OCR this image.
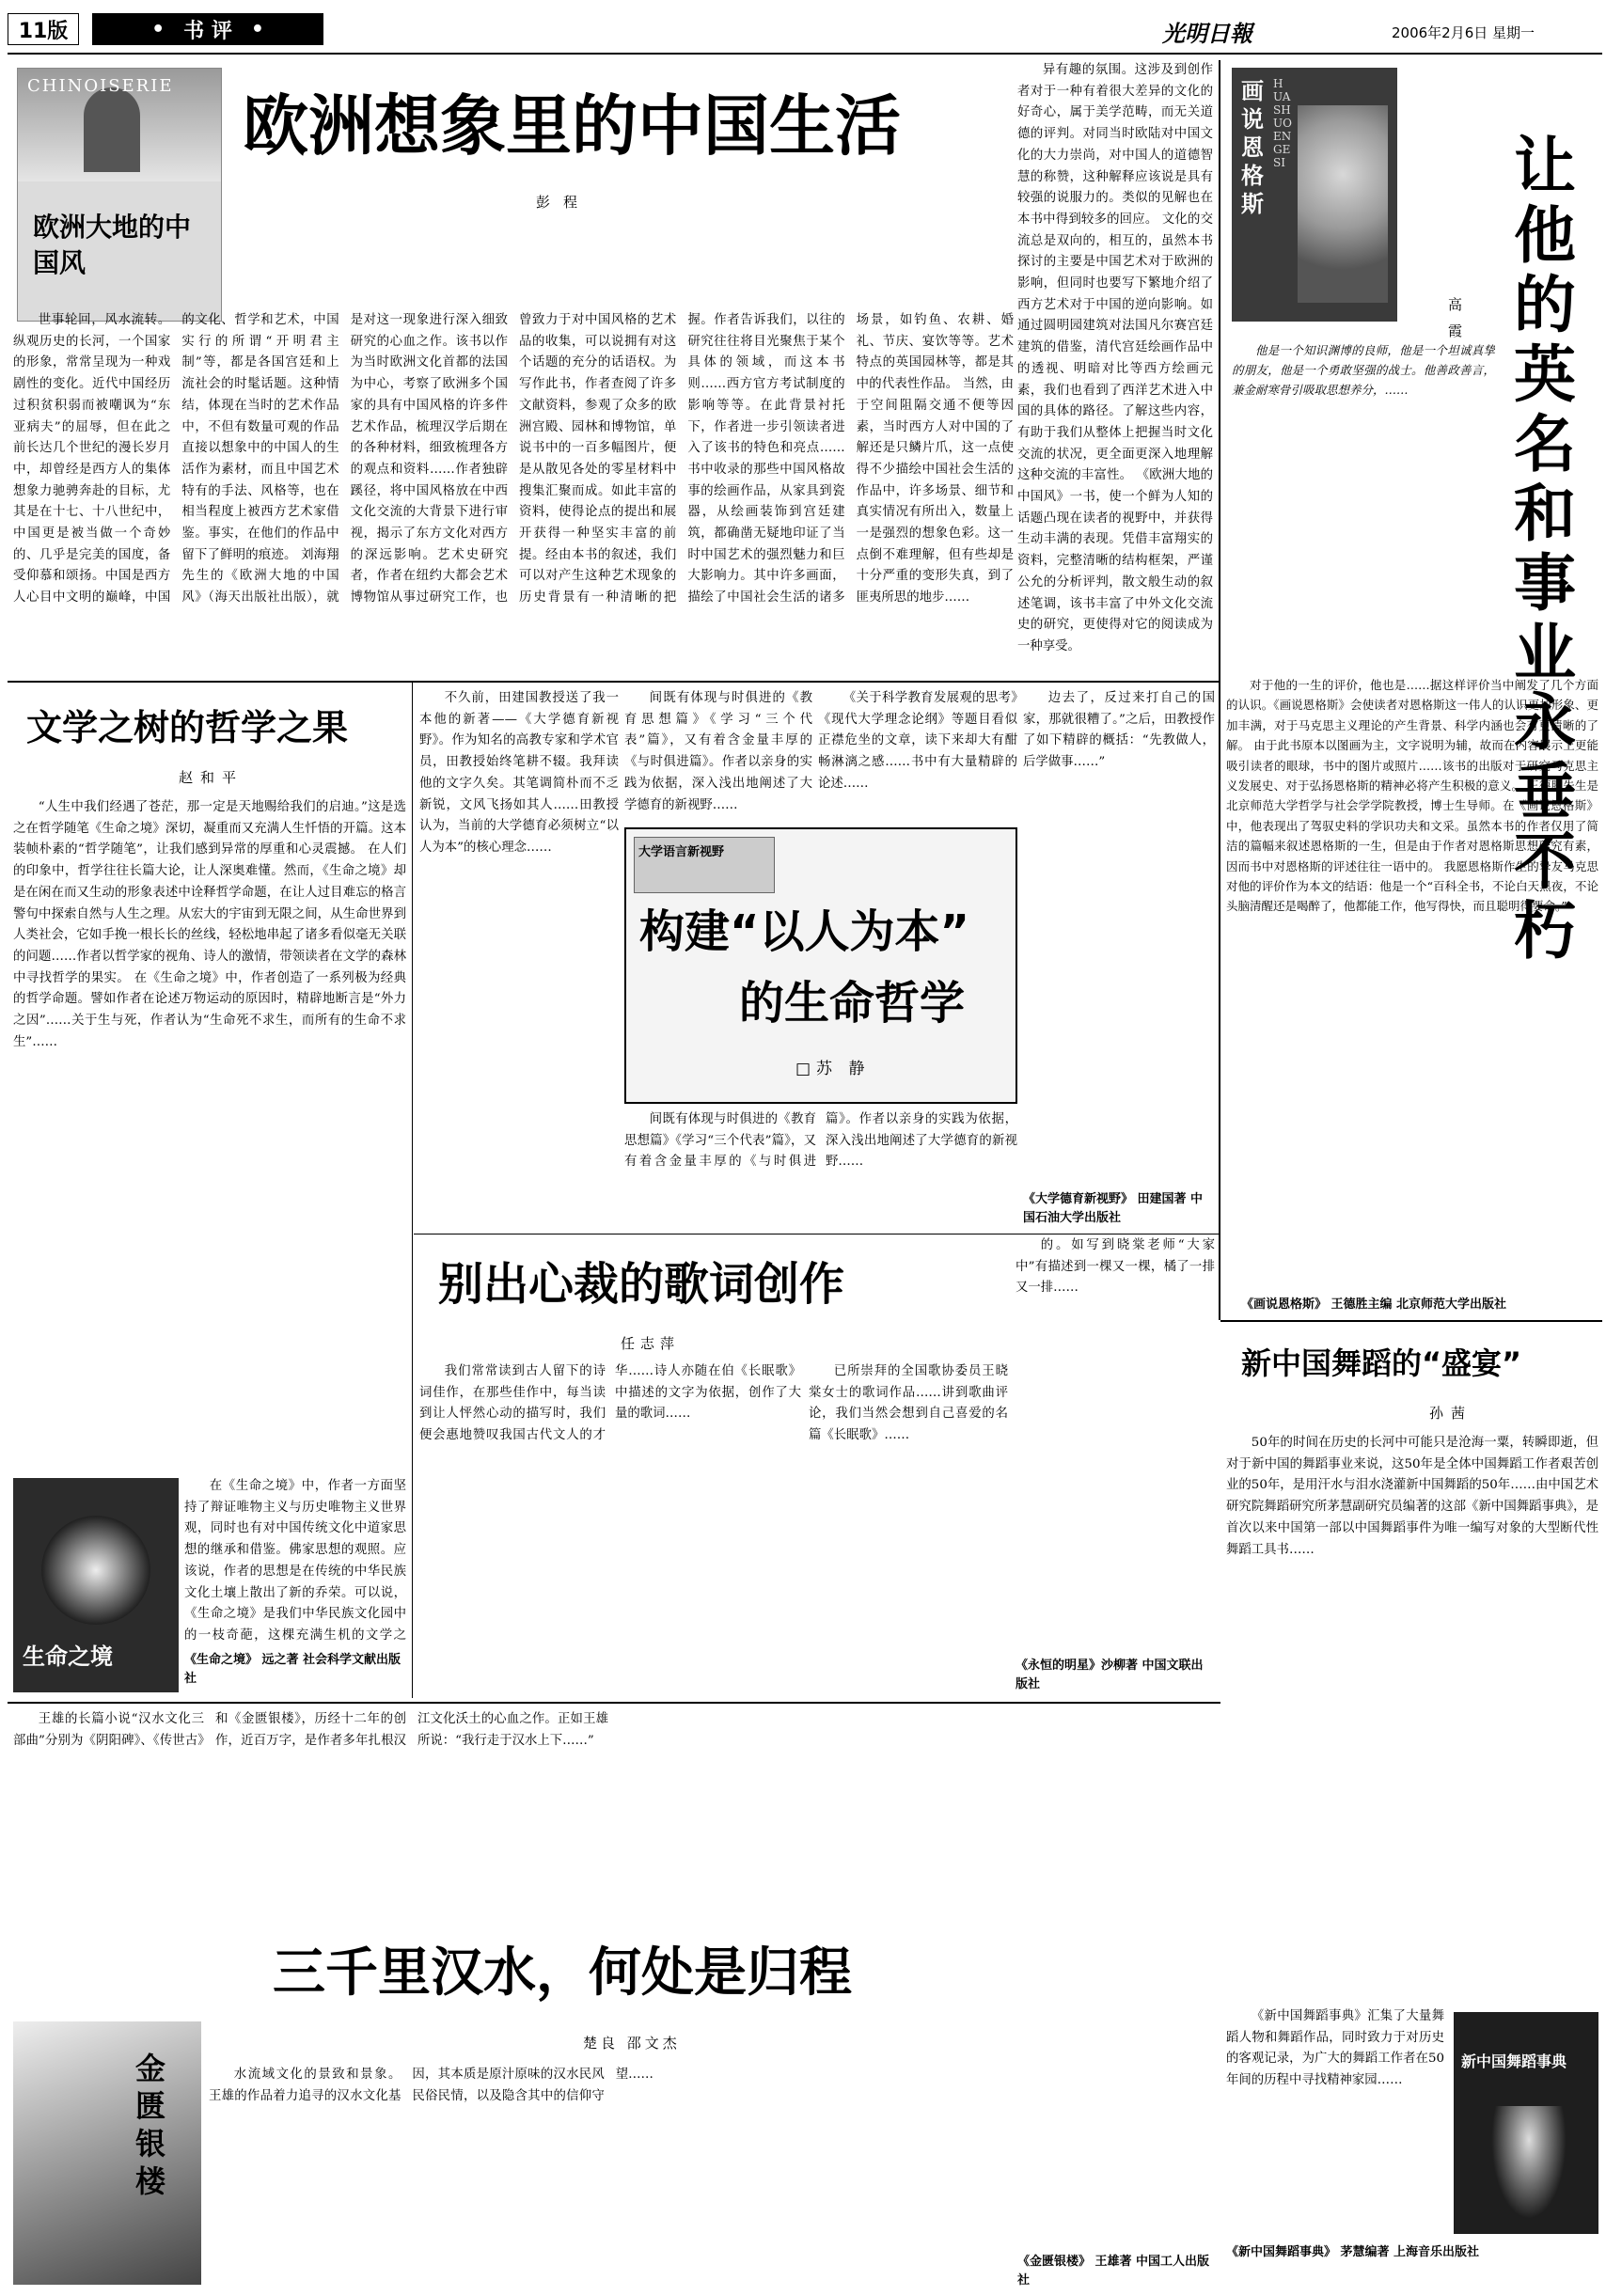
11版	• 书 评 •	光明日報	2006年2月6日 星期一
CHINOISERIE
欧洲大地的中国风
欧洲想象里的中国生活
彭程

世事轮回，风水流转。纵观历史的长河，一个国家的形象，常常呈现为一种戏剧性的变化。近代中国经历过积贫积弱而被嘲讽为“东亚病夫”的屈辱，但在此之前长达几个世纪的漫长岁月中，却曾经是西方人的集体想象力驰骋奔赴的目标，尤其是在十七、十八世纪中，中国更是被当做一个奇妙的、几乎是完美的国度，备受仰慕和颂扬。中国是西方人心目中文明的巅峰，中国的文化、哲学和艺术，中国实行的所谓“开明君主制”等，都是各国宫廷和上流社会的时髦话题。这种情结，体现在当时的艺术作品中，不但有数量可观的作品直接以想象中的中国人的生活作为素材，而且中国艺术特有的手法、风格等，也在相当程度上被西方艺术家借鉴。事实，在他们的作品中留下了鲜明的痕迹。 刘海翔先生的《欧洲大地的中国风》（海天出版社出版），就是对这一现象进行深入细致研究的心血之作。该书以作为当时欧洲文化首都的法国为中心，考察了欧洲多个国家的具有中国风格的许多件艺术作品，梳理汉学后期在的各种材料，细致梳理各方的观点和资料……作者独辟蹊径，将中国风格放在中西文化交流的大背景下进行审视，揭示了东方文化对西方的深远影响。艺术史研究者，作者在纽约大都会艺术博物馆从事过研究工作，也曾致力于对中国风格的艺术品的收集，可以说拥有对这个话题的充分的话语权。为写作此书，作者查阅了许多文献资料，参观了众多的欧洲宫殿、园林和博物馆，单说书中的一百多幅图片，便是从散见各处的零星材料中搜集汇聚而成。如此丰富的资料，使得论点的提出和展开获得一种坚实丰富的前提。经由本书的叙述，我们可以对产生这种艺术现象的历史背景有一种清晰的把握。作者告诉我们，以往的研究往往将目光聚焦于某个具体的领域，而这本书则……西方官方考试制度的影响等等。在此背景衬托下，作者进一步引领读者进入了该书的特色和亮点……书中收录的那些中国风格故事的绘画作品，从家具到瓷器，从绘画装饰到宫廷建筑，都确凿无疑地印证了当时中国艺术的强烈魅力和巨大影响力。其中许多画面，描绘了中国社会生活的诸多场景，如钓鱼、农耕、婚礼、节庆、宴饮等等。艺术特点的英国园林等，都是其中的代表性作品。 当然，由于空间阻隔交通不便等因素，当时西方人对中国的了解还是只鳞片爪，这一点使得不少描绘中国社会生活的作品中，许多场景、细节和真实情况有所出入，数量上一是强烈的想象色彩。这一点倒不难理解，但有些却是十分严重的变形失真，到了匪夷所思的地步……

异有趣的氛围。这涉及到创作者对于一种有着很大差异的文化的好奇心，属于美学范畴，而无关道德的评判。对同当时欧陆对中国文化的大力崇尚，对中国人的道德智慧的称赞，这种解释应该说是具有较强的说服力的。类似的见解也在本书中得到较多的回应。 文化的交流总是双向的，相互的，虽然本书探讨的主要是中国艺术对于欧洲的影响，但同时也要写下繁地介绍了西方艺术对于中国的逆向影响。如通过圆明园建筑对法国凡尔赛宫廷建筑的借鉴，清代宫廷绘画作品中的透视、明暗对比等西方绘画元素，我们也看到了西洋艺术进入中国的具体的路径。了解这些内容，有助于我们从整体上把握当时文化交流的状况，更全面更深入地理解这种交流的丰富性。 《欧洲大地的中国风》一书，使一个鲜为人知的话题凸现在读者的视野中，并获得生动丰满的表现。凭借丰富翔实的资料，完整清晰的结构框架，严谨公允的分析评判，散文般生动的叙述笔调，该书丰富了中外文化交流史的研究，更使得对它的阅读成为一种享受。

画说恩格斯
HUA SHUO EN GE SI	让他的英名和事业永垂不朽
高霞

他是一个知识渊博的良师，他是一个坦诚真挚的朋友，他是一个勇敢坚强的战士。他善政善言，兼金耐寒骨引吸取思想养分，……

对于他的一生的评价，他也是……据这样评价当中阐发了几个方面的认识。《画说恩格斯》会使读者对恩格斯这一伟人的认识更加形象、更加丰满，对于马克思主义理论的产生背景、科学内涵也会有更清晰的了解。 由于此书原本以图画为主，文字说明为辅，故而在内容展示上更能吸引读者的眼球，书中的图片或照片……该书的出版对于研究马克思主义发展史、对于弘扬恩格斯的精神必将产生积极的意义。 王德胜先生是北京师范大学哲学与社会学学院教授，博士生导师。在《画说恩格斯》中，他表现出了驾驭史料的学识功夫和文采。虽然本书的作者仅用了简洁的篇幅来叙述恩格斯的一生，但是由于作者对恩格斯思想研究有素，因而书中对恩格斯的评述往往一语中的。 我愿恩格斯作生的挚友马克思对他的评价作为本文的结语：他是一个“百科全书，不论白天黑夜，不论头脑清醒还是喝醉了，他都能工作，他写得快，而且聪明得要命。”

《画说恩格斯》 王德胜主编 北京师范大学出版社
文学之树的哲学之果
赵和平

“人生中我们经遇了苍茫，那一定是天地赐给我们的启迪。”这是选之在哲学随笔《生命之境》深切，凝重而又充满人生忏悟的开篇。这本装帧朴素的“哲学随笔”，让我们感到异常的厚重和心灵震撼。 在人们的印象中，哲学往往长篇大论，让人深奥难懂。然而，《生命之境》却是在闲在而又生动的形象表述中诠释哲学命题，在让人过目难忘的格言警句中探索自然与人生之理。从宏大的宇宙到无限之间，从生命世界到人类社会，它如手挽一根长长的丝线，轻松地串起了诸多看似毫无关联的问题……作者以哲学家的视角、诗人的激情，带领读者在文学的森林中寻找哲学的果实。 在《生命之境》中，作者创造了一系列极为经典的哲学命题。譬如作者在论述万物运动的原因时，精辟地断言是“外力之因”……关于生与死，作者认为“生命死不求生，而所有的生命不求生”……

生命之境

在《生命之境》中，作者一方面坚持了辩证唯物主义与历史唯物主义世界观，同时也有对中国传统文化中道家思想的继承和借鉴。佛家思想的观照。应该说，作者的思想是在传统的中华民族文化土壤上散出了新的乔荣。可以说，《生命之境》是我们中华民族文化园中的一枝奇葩，这棵充满生机的文学之

《生命之境》 远之著 社会科学文献出版社

不久前，田建国教授送了我一本他的新著——《大学德育新视野》。作为知名的高教专家和学术官员，田教授始终笔耕不辍。我拜读他的文字久矣。其笔调简朴而不乏新锐，文风飞扬如其人……田教授认为，当前的大学德育必须树立“以人为本”的核心理念……

间既有体现与时俱进的《教育思想篇》《学习“三个代表”篇》，又有着含金量丰厚的《与时俱进篇》。作者以亲身的实践为依据，深入浅出地阐述了大学德育的新视野……

《关于科学教育发展观的思考》《现代大学理念论纲》等题目看似正襟危坐的文章，读下来却大有酣畅淋漓之感……书中有大量精辟的论述……

大学语言新视野
构建“以人为本”
的生命哲学
□苏 静

间既有体现与时俱进的《教育思想篇》《学习“三个代表”篇》，又有着含金量丰厚的《与时俱进篇》。作者以亲身的实践为依据，深入浅出地阐述了大学德育的新视野……

边去了，反过来打自己的国家，那就很糟了。”之后，田教授作了如下精辟的概括：“先教做人，后学做事……”

《大学德育新视野》 田建国著 中国石油大学出版社
别出心裁的歌词创作
任志萍

我们常常读到古人留下的诗词佳作，在那些佳作中，每当读到让人怦然心动的描写时，我们便会惠地赞叹我国古代文人的才华……诗人亦随在伯《长眠歌》中描述的文字为依据，创作了大量的歌词……

已所崇拜的全国歌协委员王晓棠女士的歌词作品……讲到歌曲评论，我们当然会想到自己喜爱的名篇《长眠歌》……

的。如写到晓棠老师“大家中”有描述到一棵又一棵，橘了一排又一排……

《永恒的明星》沙柳著 中国文联出版社
新中国舞蹈的“盛宴”
孙茜

50年的时间在历史的长河中可能只是沧海一粟，转瞬即逝，但对于新中国的舞蹈事业来说，这50年是全体中国舞蹈工作者艰苦创业的50年，是用汗水与泪水浇灌新中国舞蹈的50年……由中国艺术研究院舞蹈研究所茅慧副研究员编著的这部《新中国舞蹈事典》，是首次以来中国第一部以中国舞蹈事件为唯一编写对象的大型断代性舞蹈工具书……

《新中国舞蹈事典》汇集了大量舞蹈人物和舞蹈作品，同时致力于对历史的客观记录，为广大的舞蹈工作者在50年间的历程中寻找精神家园……

新中国舞蹈事典
《新中国舞蹈事典》 茅慧编著 上海音乐出版社

王雄的长篇小说“汉水文化三部曲”分别为《阴阳碑》、《传世古》和《金匮银楼》，历经十二年的创作，近百万字，是作者多年扎根汉江文化沃土的心血之作。正如王雄所说：“我行走于汉水上下……”

三千里汉水，何处是归程
楚良 邵文杰
金匮银楼

水流域文化的景致和景象。 王雄的作品着力追寻的汉水文化基因，其本质是原汁原味的汉水民风民俗民情，以及隐含其中的信仰守望……

《金匮银楼》 王雄著 中国工人出版社
